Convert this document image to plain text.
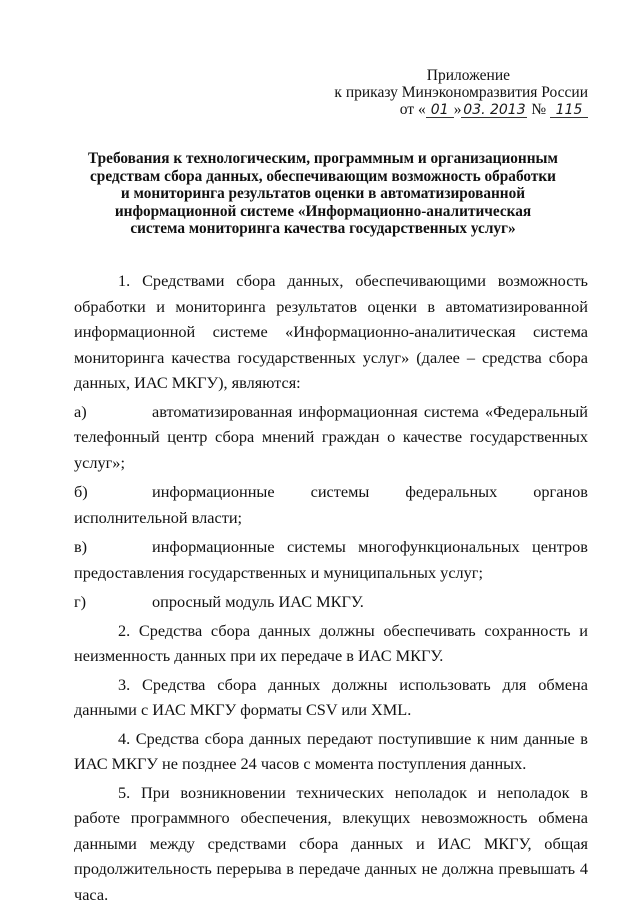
Приложение
к приказу Минэкономразвития России
от « 01 » 03. 2013 № 115
Требования к технологическим, программным и организационным средствам сбора данных, обеспечивающим возможность обработки и мониторинга результатов оценки в автоматизированной информационной системе «Информационно-аналитическая система мониторинга качества государственных услуг»

1. Средствами сбора данных, обеспечивающими возможность обработки и мониторинга результатов оценки в автоматизированной информационной системе «Информационно-аналитическая система мониторинга качества государственных услуг» (далее – средства сбора данных, ИАС МКГУ), являются:

а)	автоматизированная информационная система «Федеральный телефонный центр сбора мнений граждан о качестве государственных услуг»;
б)	информационные системы федеральных органов исполнительной власти;
в)	информационные системы многофункциональных центров предоставления государственных и муниципальных услуг;
г)	опросный модуль ИАС МКГУ.

2. Средства сбора данных должны обеспечивать сохранность и неизменность данных при их передаче в ИАС МКГУ.

3. Средства сбора данных должны использовать для обмена данными с ИАС МКГУ форматы CSV или XML.

4. Средства сбора данных передают поступившие к ним данные в ИАС МКГУ не позднее 24 часов с момента поступления данных.

5. При возникновении технических неполадок и неполадок в работе программного обеспечения, влекущих невозможность обмена данными между средствами сбора данных и ИАС МКГУ, общая продолжительность перерыва в передаче данных не должна превышать 4 часа.
